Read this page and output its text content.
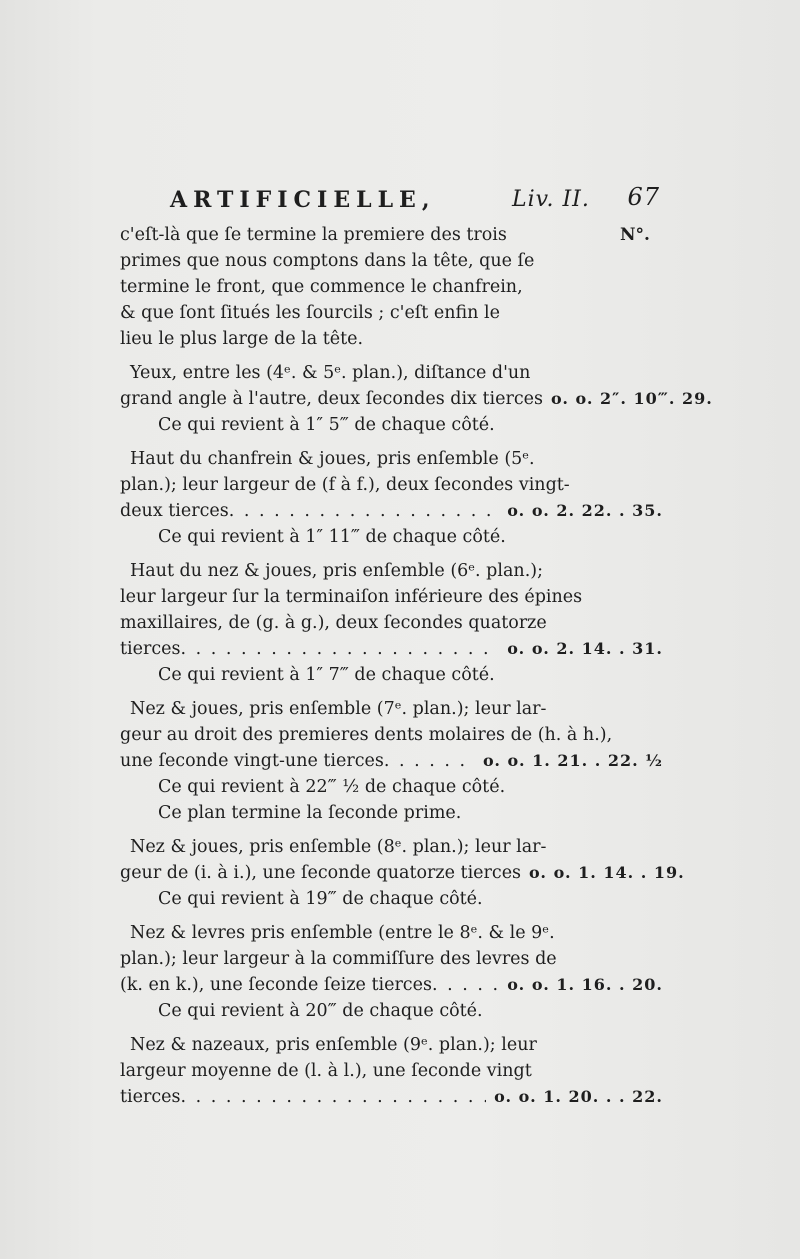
ARTIFICIELLE,	Liv. II. 67
N°.
c'eſt-là que ſe termine la premiere des trois
primes que nous comptons dans la tête, que ſe
termine le front, que commence le chanfrein,
& que ſont ſitués les ſourcils ; c'eſt enfin le
lieu le plus large de la tête.
Yeux, entre les (4ᵉ. & 5ᵉ. plan.), diſtance d'un
grand angle à l'autre, deux ſecondes dix tierces o. o. 2″. 10‴. 29.
Ce qui revient à 1″ 5‴ de chaque côté.
Haut du chanfrein & joues, pris enſemble (5ᵉ.
plan.); leur largeur de (f à f.), deux ſecondes vingt-
deux tierces . . .	o. o. 2. 22. . 35.
Ce qui revient à 1″ 11‴ de chaque côté.
Haut du nez & joues, pris enſemble (6ᵉ. plan.);
leur largeur ſur la terminaiſon inférieure des épines
maxillaires, de (g. à g.), deux ſecondes quatorze
tierces . . .	o. o. 2. 14. . 31.
Ce qui revient à 1″ 7‴ de chaque côté.
Nez & joues, pris enſemble (7ᵉ. plan.); leur lar-
geur au droit des premieres dents molaires de (h. à h.),
une ſeconde vingt-une tierces . . .	o. o. 1. 21. . 22. ½
Ce qui revient à 22‴ ½ de chaque côté.
Ce plan termine la ſeconde prime.
Nez & joues, pris enſemble (8ᵉ. plan.); leur lar-
geur de (i. à i.), une ſeconde quatorze tierces o. o. 1. 14. . 19.
Ce qui revient à 19‴ de chaque côté.
Nez & levres pris enſemble (entre le 8ᵉ. & le 9ᵉ.
plan.); leur largeur à la commiſſure des levres de
(k. en k.), une ſeconde ſeize tierces . . .	o. o. 1. 16. . 20.
Ce qui revient à 20‴ de chaque côté.
Nez & nazeaux, pris enſemble (9ᵉ. plan.); leur
largeur moyenne de (l. à l.), une ſeconde vingt
tierces . . .	o. o. 1. 20. . . 22.
